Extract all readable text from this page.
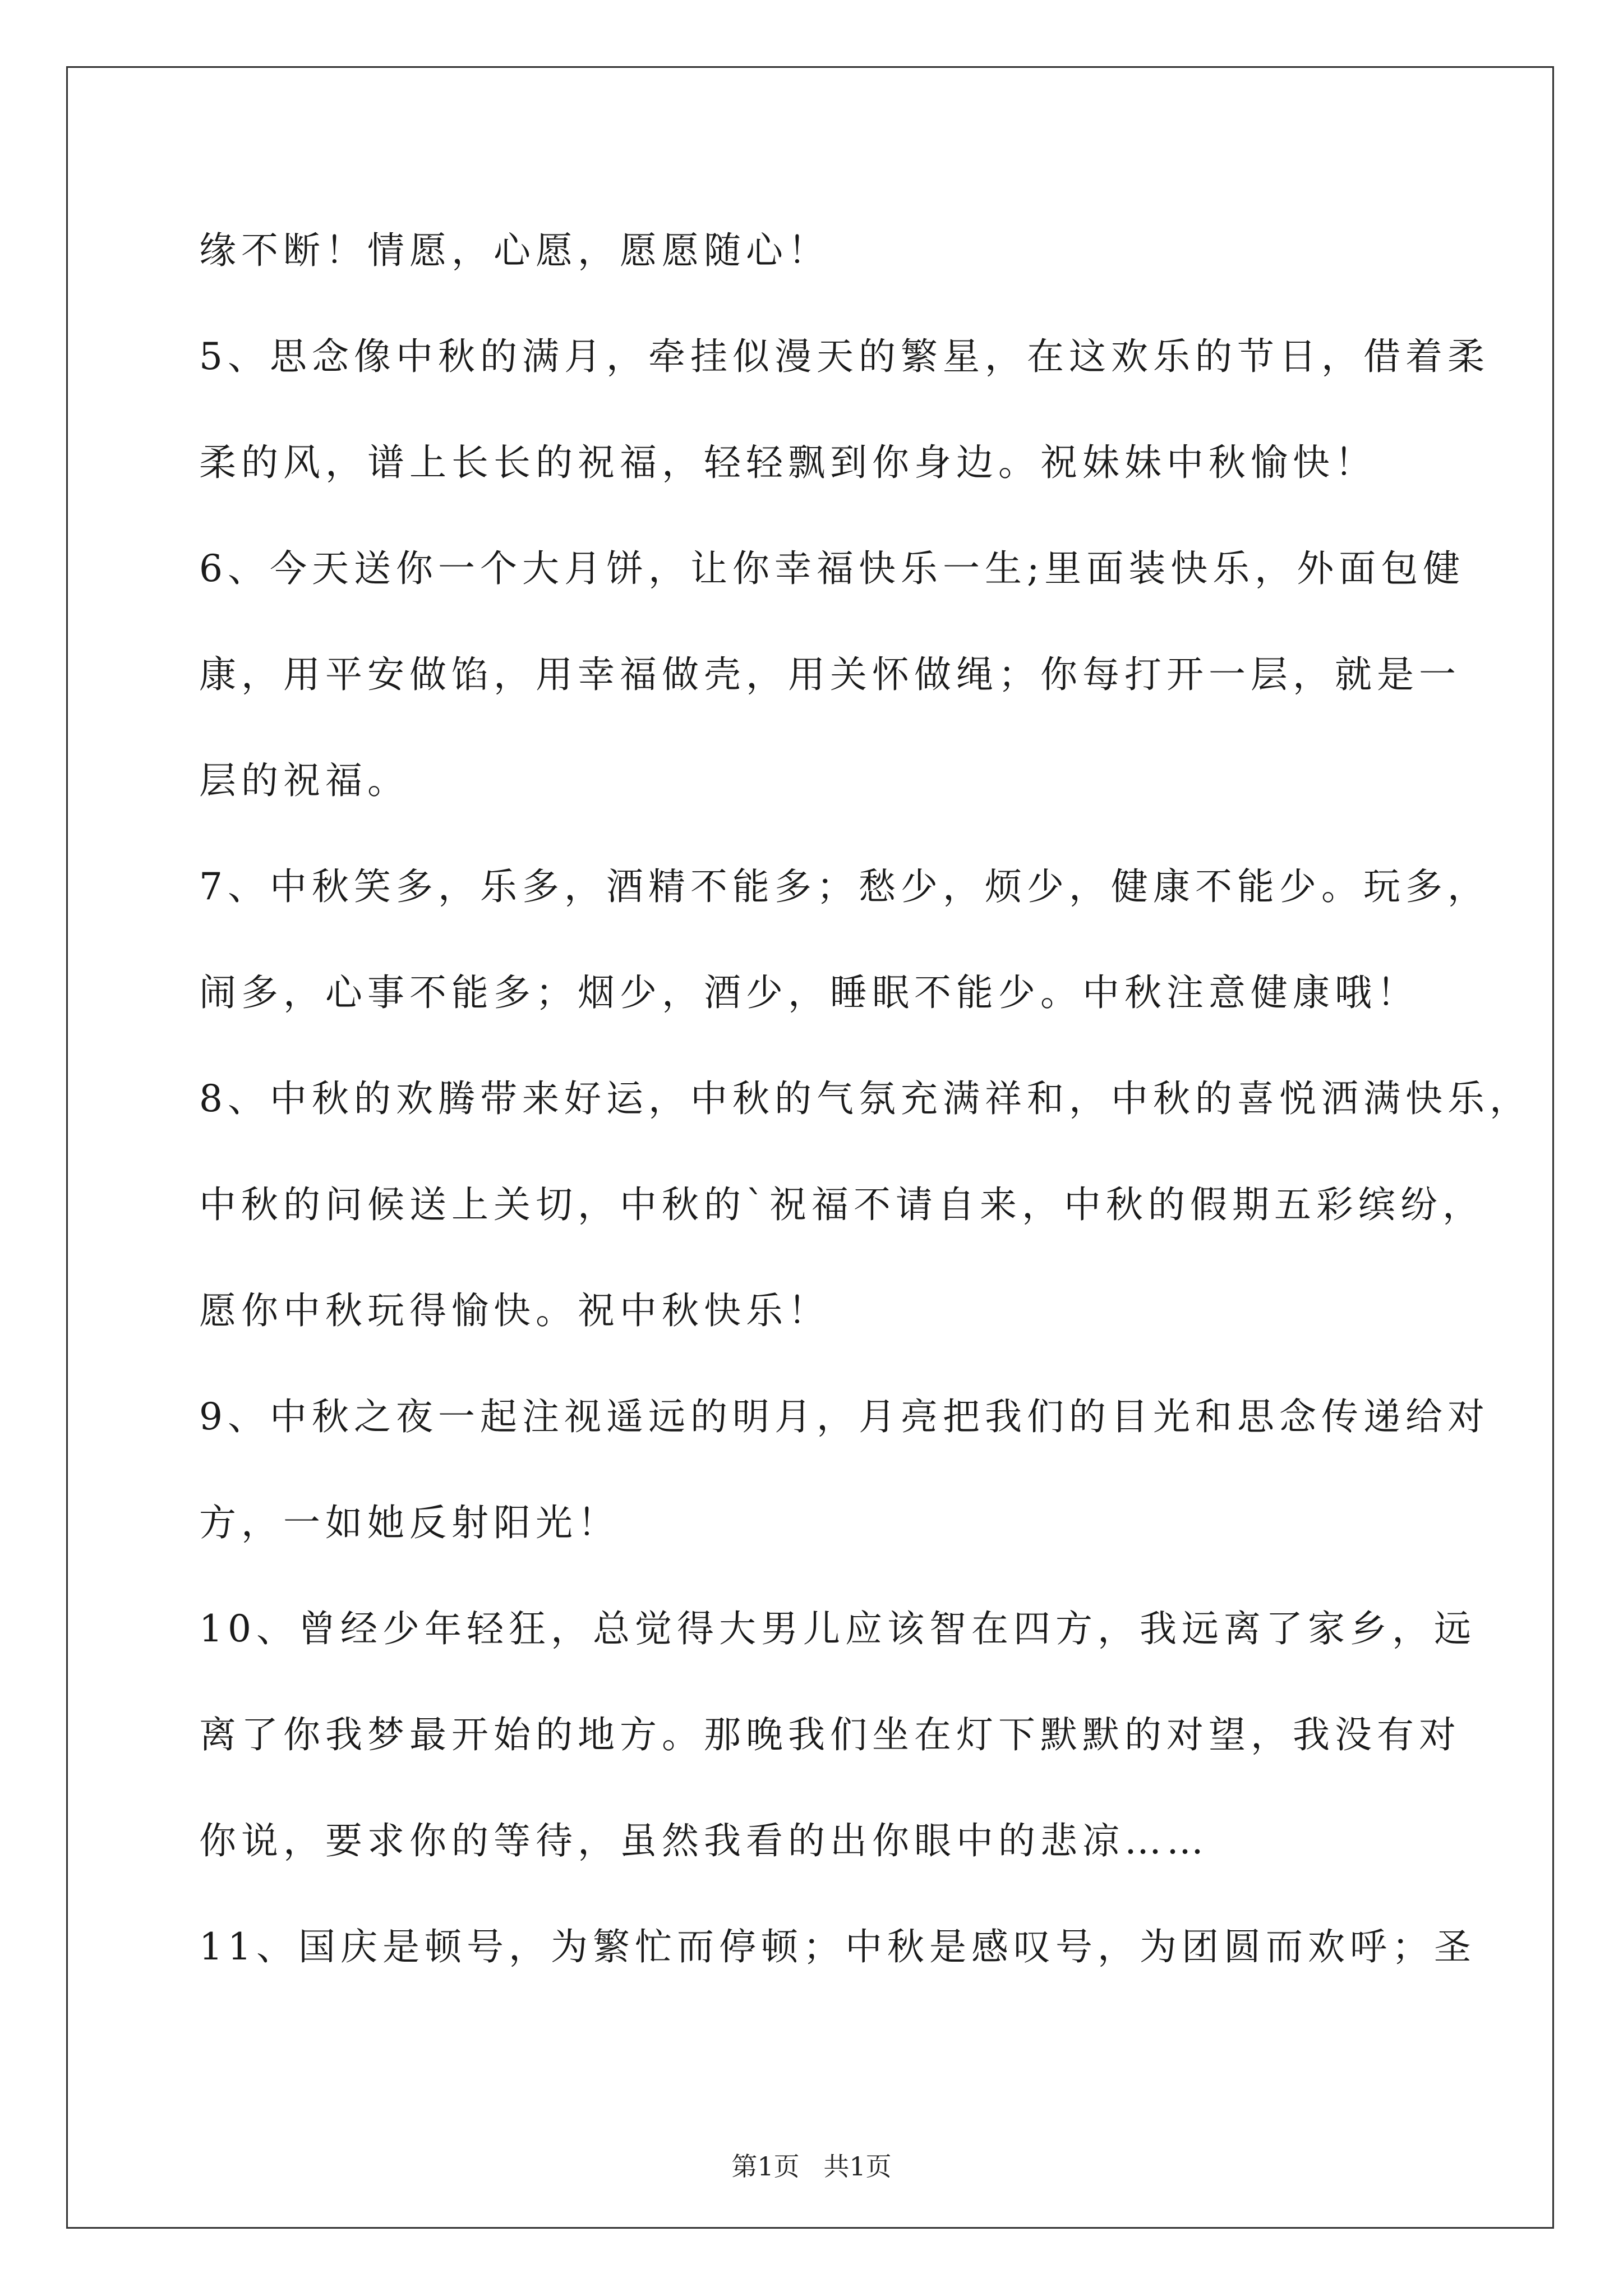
缘不断！情愿，心愿，愿愿随心！
5、思念像中秋的满月，牵挂似漫天的繁星，在这欢乐的节日，借着柔
柔的风，谱上长长的祝福，轻轻飘到你身边。祝妹妹中秋愉快！
6、今天送你一个大月饼，让你幸福快乐一生;里面装快乐，外面包健
康，用平安做馅，用幸福做壳，用关怀做绳；你每打开一层，就是一
层的祝福。
7、中秋笑多，乐多，酒精不能多；愁少，烦少，健康不能少。玩多，
闹多，心事不能多；烟少，酒少，睡眠不能少。中秋注意健康哦！
8、中秋的欢腾带来好运，中秋的气氛充满祥和，中秋的喜悦洒满快乐，
中秋的问候送上关切，中秋的`祝福不请自来，中秋的假期五彩缤纷，
愿你中秋玩得愉快。祝中秋快乐！
9、中秋之夜一起注视遥远的明月，月亮把我们的目光和思念传递给对
方，一如她反射阳光！
10、曾经少年轻狂，总觉得大男儿应该智在四方，我远离了家乡，远
离了你我梦最开始的地方。那晚我们坐在灯下默默的对望，我没有对
你说，要求你的等待，虽然我看的出你眼中的悲凉……
11、国庆是顿号，为繁忙而停顿；中秋是感叹号，为团圆而欢呼；圣
第1页 共1页
